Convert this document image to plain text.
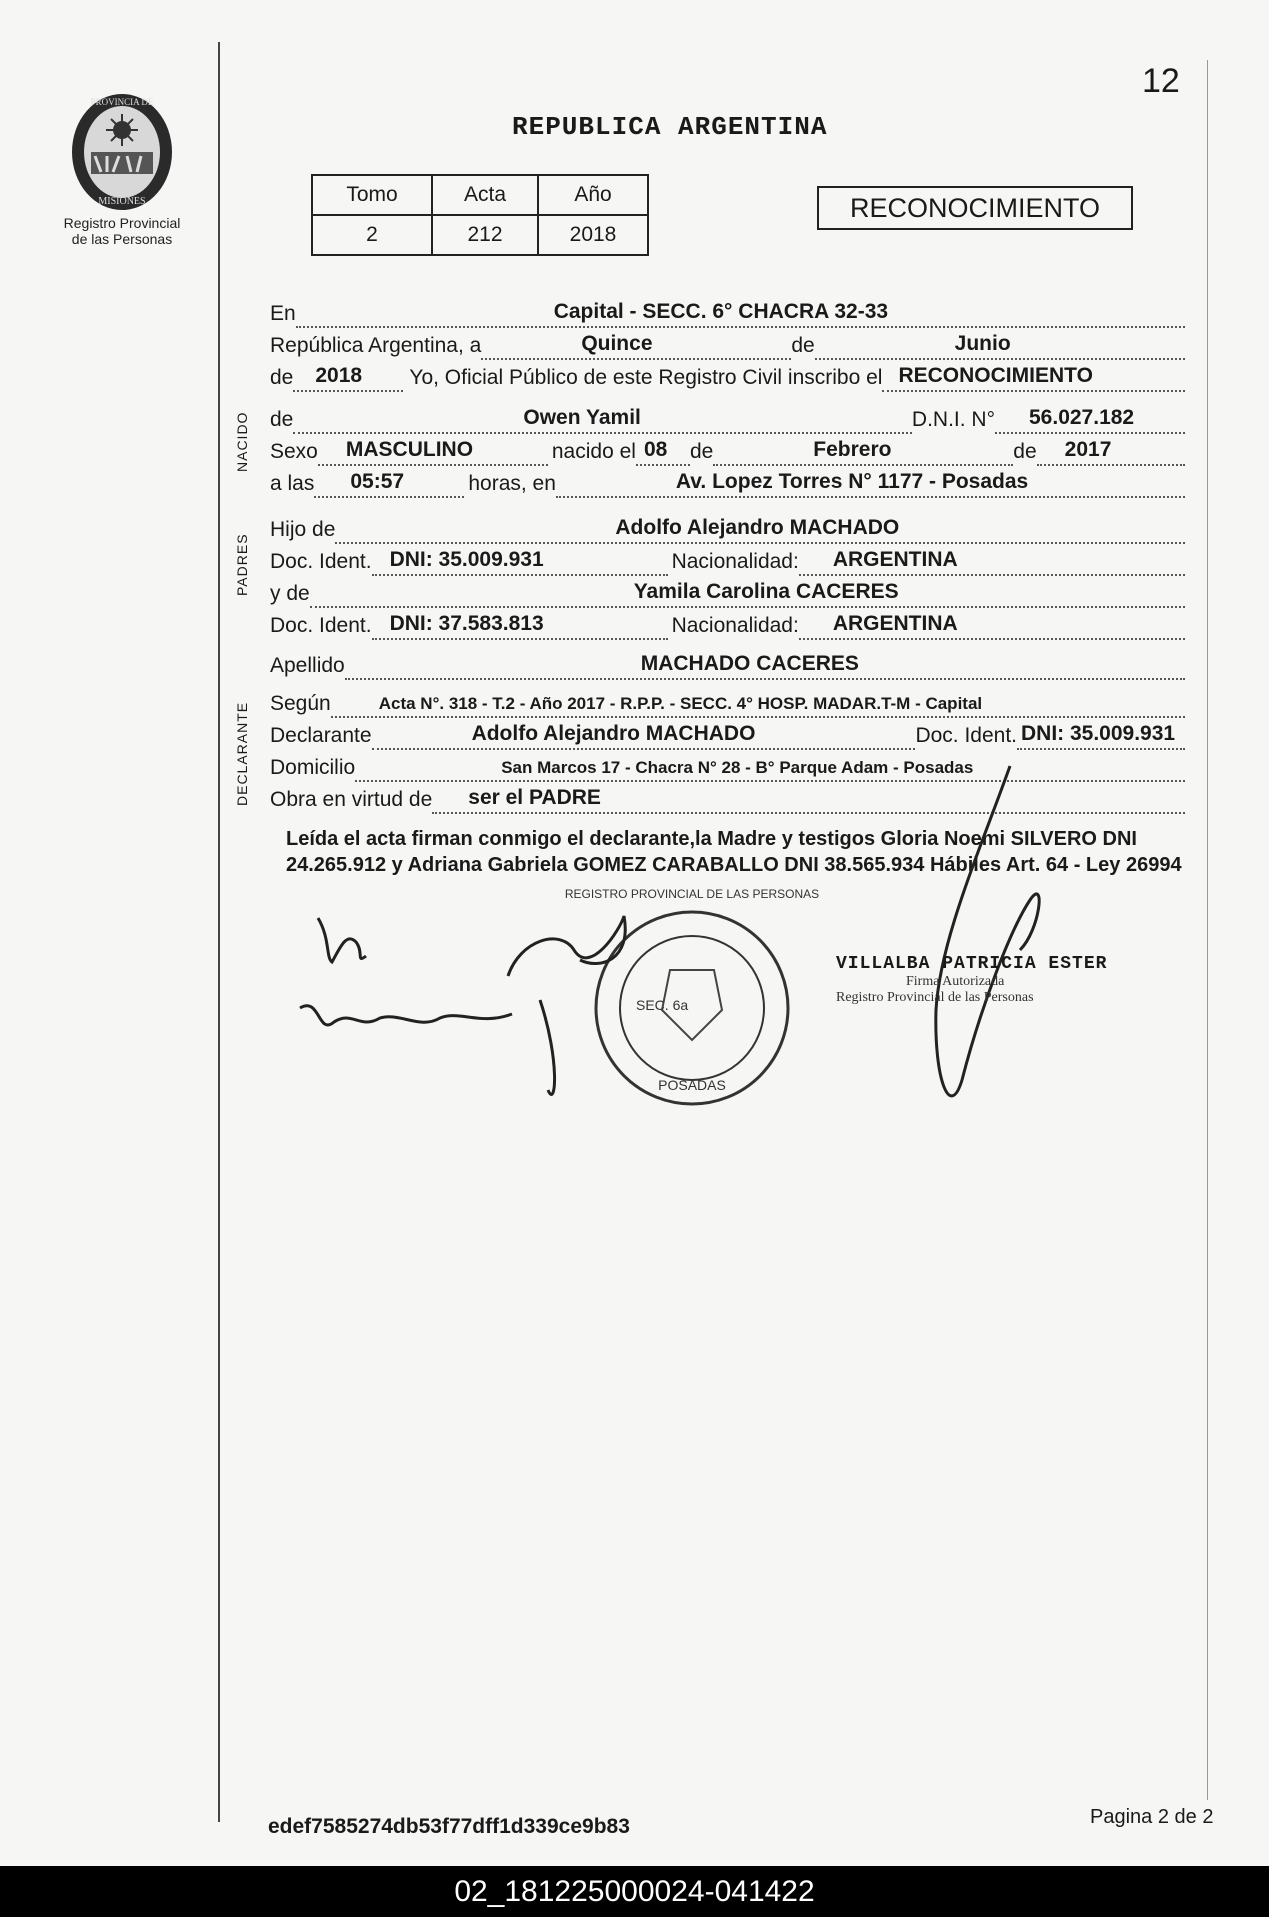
PROVINCIA DE
MISIONES
Registro Provincial
de las Personas
12
REPUBLICA ARGENTINA
Tomo	Acta	Año
2	212	2018
RECONOCIMIENTO
NACIDO
PADRES
DECLARANTE
En	Capital - SECC. 6° CHACRA 32-33
República Argentina, a	Quince	de	Junio
de 2018 Yo, Oficial Público de este Registro Civil inscribo el RECONOCIMIENTO
de	Owen Yamil	D.N.I. N° 56.027.182
Sexo MASCULINO	nacido el 08 de	Febrero	de 2017
a las 05:57	horas, en	Av. Lopez Torres N° 1177 - Posadas
Hijo de	Adolfo Alejandro MACHADO
Doc. Ident. DNI: 35.009.931	Nacionalidad: ARGENTINA
y de	Yamila Carolina CACERES
Doc. Ident. DNI: 37.583.813	Nacionalidad: ARGENTINA
Apellido	MACHADO CACERES
Según	Acta N°. 318 - T.2 - Año 2017 - R.P.P. - SECC. 4° HOSP. MADAR.T-M - Capital
Declarante	Adolfo Alejandro MACHADO	Doc. Ident. DNI: 35.009.931
Domicilio	San Marcos 17 - Chacra N° 28 - B° Parque Adam - Posadas
Obra en virtud de ser el PADRE
Leída el acta firman conmigo el declarante,la Madre y testigos Gloria Noemi SILVERO DNI 24.265.912 y Adriana Gabriela GOMEZ CARABALLO DNI 38.565.934 Hábiles Art. 64 - Ley 26994
REGISTRO PROVINCIAL DE LAS PERSONAS
SEC. 6a
POSADAS
VILLALBA PATRICIA ESTER
Firma Autorizada
Registro Provincial de las Personas
edef7585274db53f77dff1d339ce9b83	Pagina 2 de 2
02_181225000024-041422
